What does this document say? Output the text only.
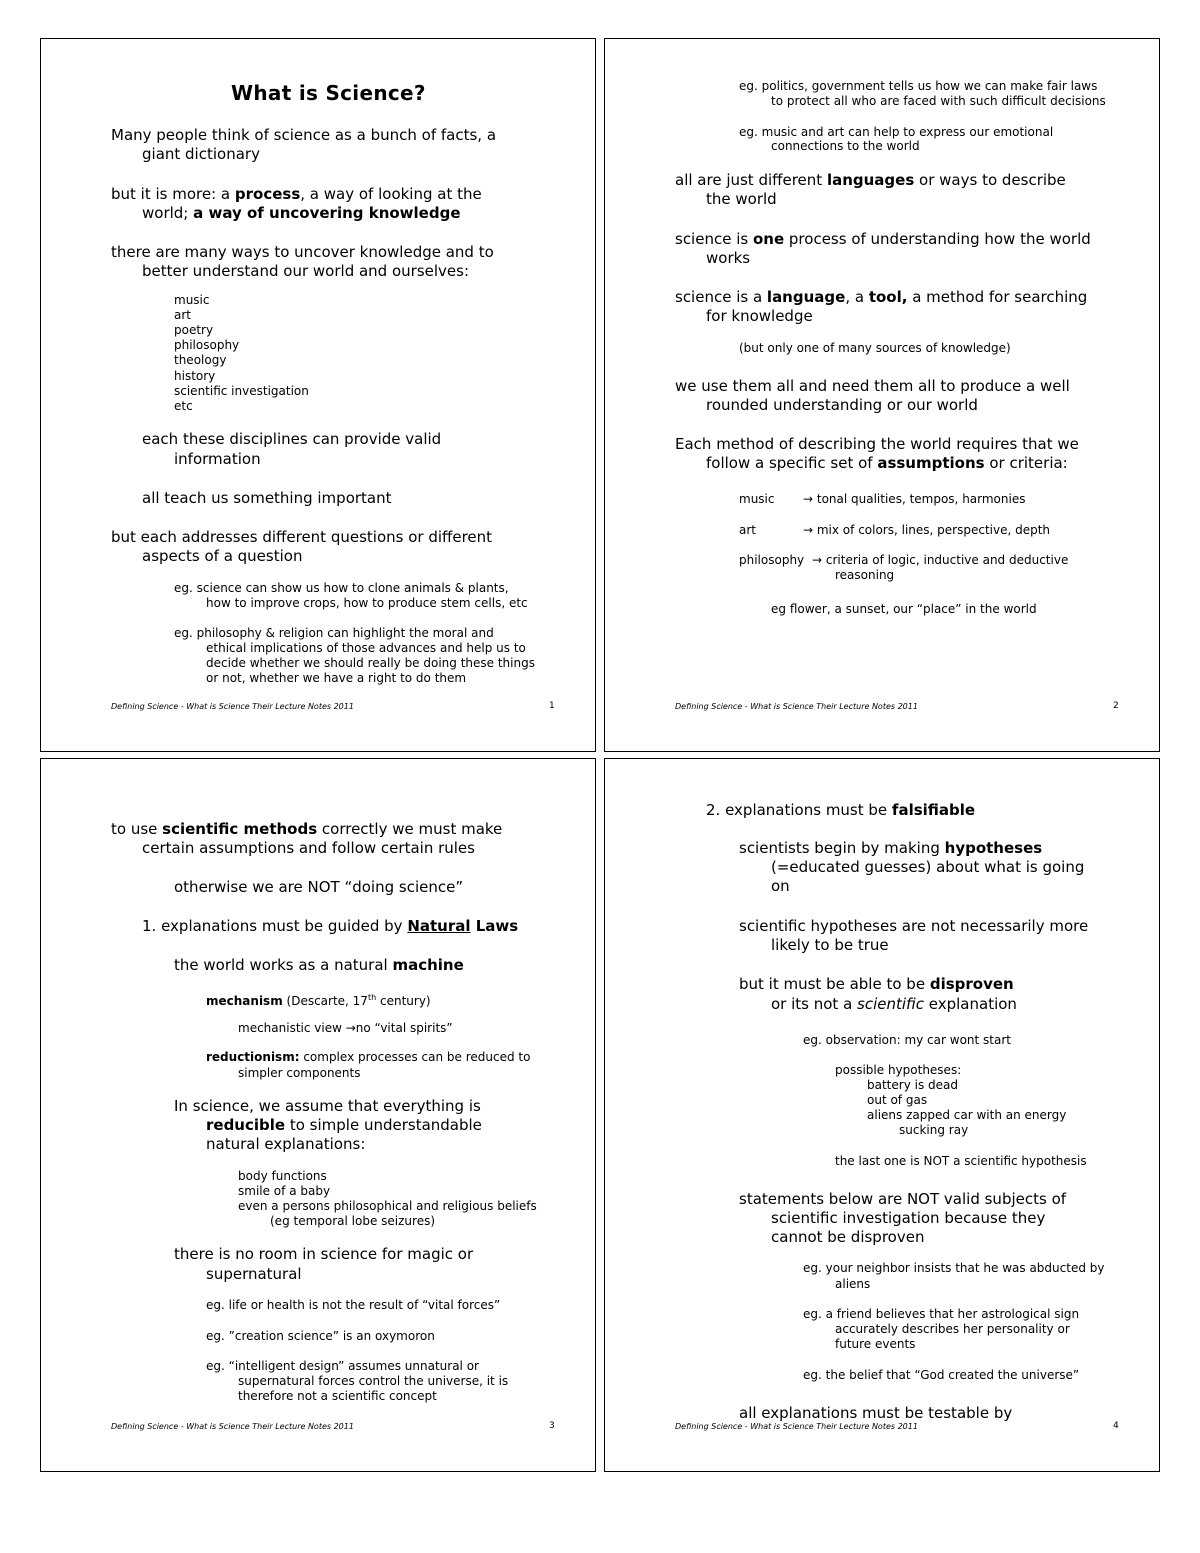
What is Science?
Many people think of science as a bunch of facts, a
giant dictionary
but it is more: a process, a way of looking at the
world; a way of uncovering knowledge
there are many ways to uncover knowledge and to
better understand our world and ourselves:
music
art
poetry
philosophy
theology
history
scientific investigation
etc
each these disciplines can provide valid
information
all teach us something important
but each addresses different questions or different
aspects of a question
eg. science can show us how to clone animals & plants,
how to improve crops, how to produce stem cells, etc
eg. philosophy & religion can highlight the moral and
ethical implications of those advances and help us to
decide whether we should really be doing these things
or not, whether we have a right to do them
Defining Science - What is Science Their Lecture Notes 2011	1
eg. politics, government tells us how we can make fair laws
to protect all who are faced with such difficult decisions
eg. music and art can help to express our emotional
connections to the world
all are just different languages or ways to describe
the world
science is one process of understanding how the world
works
science is a language, a tool, a method for searching
for knowledge
(but only one of many sources of knowledge)
we use them all and need them all to produce a well
rounded understanding or our world
Each method of describing the world requires that we
follow a specific set of assumptions or criteria:
music → tonal qualities, tempos, harmonies
art	→ mix of colors, lines, perspective, depth
philosophy → criteria of logic, inductive and deductive
reasoning
eg flower, a sunset, our “place” in the world
Defining Science - What is Science Their Lecture Notes 2011	2
to use scientific methods correctly we must make
certain assumptions and follow certain rules
otherwise we are NOT “doing science”
1. explanations must be guided by Natural Laws
the world works as a natural machine
mechanism (Descarte, 17th century)
mechanistic view →no “vital spirits”
reductionism: complex processes can be reduced to
simpler components
In science, we assume that everything is
reducible to simple understandable
natural explanations:
body functions
smile of a baby
even a persons philosophical and religious beliefs
(eg temporal lobe seizures)
there is no room in science for magic or
supernatural
eg. life or health is not the result of “vital forces”
eg. ”creation science” is an oxymoron
eg. “intelligent design” assumes unnatural or
supernatural forces control the universe, it is
therefore not a scientific concept
Defining Science - What is Science Their Lecture Notes 2011	3
2. explanations must be falsifiable
scientists begin by making hypotheses
(=educated guesses) about what is going
on
scientific hypotheses are not necessarily more
likely to be true
but it must be able to be disproven
or its not a scientific explanation
eg. observation: my car wont start
possible hypotheses:
battery is dead
out of gas
aliens zapped car with an energy
sucking ray
the last one is NOT a scientific hypothesis
statements below are NOT valid subjects of
scientific investigation because they
cannot be disproven
eg. your neighbor insists that he was abducted by
aliens
eg. a friend believes that her astrological sign
accurately describes her personality or
future events
eg. the belief that “God created the universe”
all explanations must be testable by
Defining Science - What is Science Their Lecture Notes 2011	4
